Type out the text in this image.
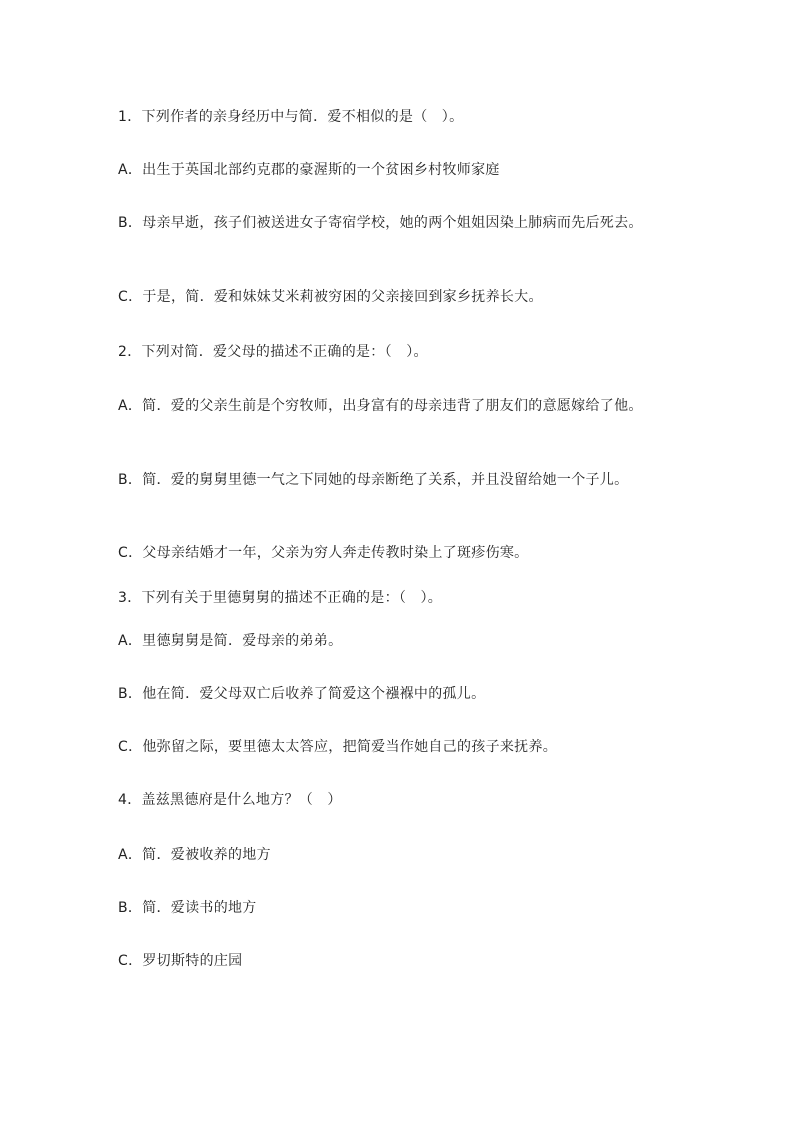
1．下列作者的亲身经历中与简．爱不相似的是（　）。
A．出生于英国北部约克郡的豪渥斯的一个贫困乡村牧师家庭
B．母亲早逝，孩子们被送进女子寄宿学校，她的两个姐姐因染上肺病而先后死去。
C．于是，简．爱和妹妹艾米莉被穷困的父亲接回到家乡抚养长大。
2．下列对简．爱父母的描述不正确的是：（　）。
A．简．爱的父亲生前是个穷牧师，出身富有的母亲违背了朋友们的意愿嫁给了他。
B．简．爱的舅舅里德一气之下同她的母亲断绝了关系，并且没留给她一个子儿。
C．父母亲结婚才一年，父亲为穷人奔走传教时染上了斑疹伤寒。
3．下列有关于里德舅舅的描述不正确的是：（　）。
A．里德舅舅是简．爱母亲的弟弟。
B．他在简．爱父母双亡后收养了简爱这个襁褓中的孤儿。
C．他弥留之际，要里德太太答应，把简爱当作她自己的孩子来抚养。
4．盖兹黑德府是什么地方？（　）
A．简．爱被收养的地方
B．简．爱读书的地方
C．罗切斯特的庄园
